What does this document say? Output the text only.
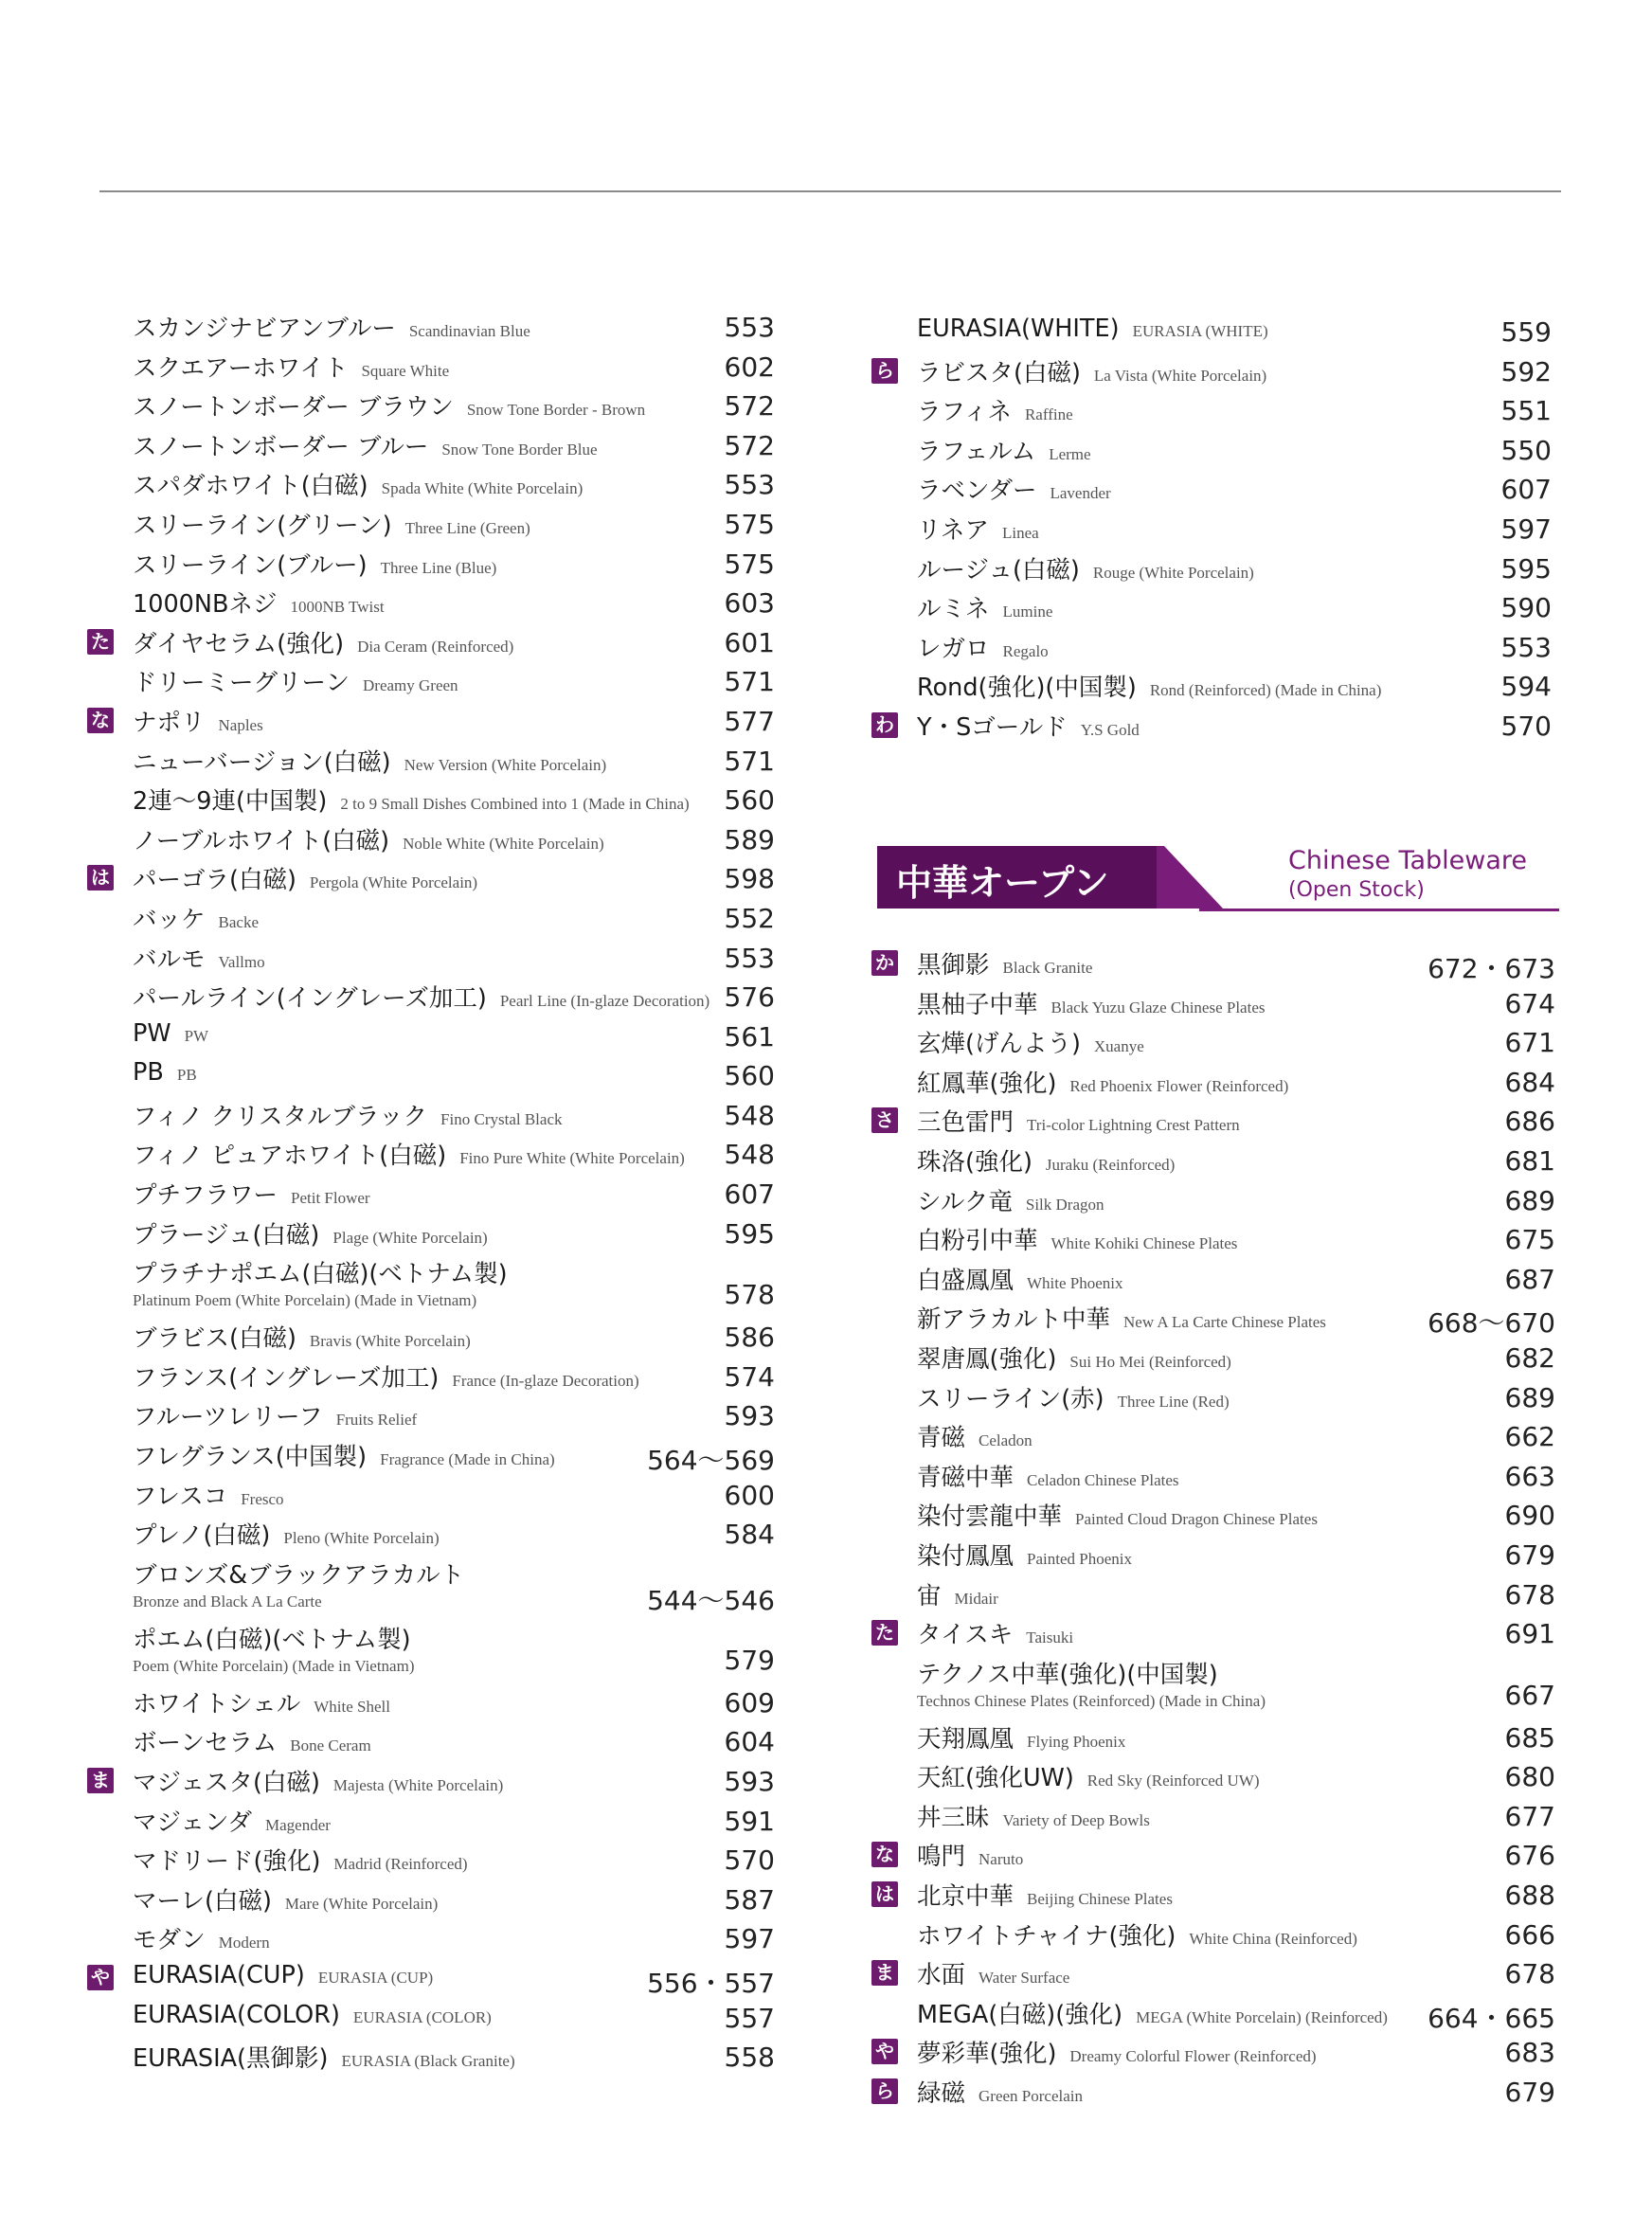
スカンジナビアンブルー Scandinavian Blue	553
スクエアーホワイト Square White	602
スノートンボーダー ブラウン Snow Tone Border - Brown	572
スノートンボーダー ブルー Snow Tone Border Blue	572
スパダホワイト(白磁) Spada White (White Porcelain)	553
スリーライン(グリーン) Three Line (Green)	575
スリーライン(ブルー) Three Line (Blue)	575
1000NBネジ 1000NB Twist	603
た ダイヤセラム(強化) Dia Ceram (Reinforced)	601
ドリーミーグリーン Dreamy Green	571
な ナポリ Naples	577
ニューバージョン(白磁) New Version (White Porcelain)	571
2連〜9連(中国製) 2 to 9 Small Dishes Combined into 1 (Made in China) 560
ノーブルホワイト(白磁) Noble White (White Porcelain)	589
は パーゴラ(白磁) Pergola (White Porcelain)	598
バッケ Backe	552
バルモ Vallmo	553
パールライン(イングレーズ加工) Pearl Line (In-glaze Decoration) 576
PW PW	561
PB PB	560
フィノ クリスタルブラック Fino Crystal Black	548
フィノ ピュアホワイト(白磁) Fino Pure White (White Porcelain) 548
プチフラワー Petit Flower	607
プラージュ(白磁) Plage (White Porcelain)	595
プラチナポエム(白磁)(ベトナム製)
Platinum Poem (White Porcelain) (Made in Vietnam)	578
ブラビス(白磁) Bravis (White Porcelain)	586
フランス(イングレーズ加工) France (In-glaze Decoration)	574
フルーツレリーフ Fruits Relief	593
フレグランス(中国製) Fragrance (Made in China)	564〜569
フレスコ Fresco	600
プレノ(白磁) Pleno (White Porcelain)	584
ブロンズ&ブラックアラカルト
Bronze and Black A La Carte	544〜546
ポエム(白磁)(ベトナム製)
Poem (White Porcelain) (Made in Vietnam)	579
ホワイトシェル White Shell	609
ボーンセラム Bone Ceram	604
ま マジェスタ(白磁) Majesta (White Porcelain)	593
マジェンダ Magender	591
マドリード(強化) Madrid (Reinforced)	570
マーレ(白磁) Mare (White Porcelain)	587
モダン Modern	597
や EURASIA(CUP) EURASIA (CUP)	556・557
EURASIA(COLOR) EURASIA (COLOR)	557
EURASIA(黒御影) EURASIA (Black Granite)	558
EURASIA(WHITE) EURASIA (WHITE)	559
ら ラビスタ(白磁) La Vista (White Porcelain)	592
ラフィネ Raffine	551
ラフェルム Lerme	550
ラベンダー Lavender	607
リネア Linea	597
ルージュ(白磁) Rouge (White Porcelain)	595
ルミネ Lumine	590
レガロ Regalo	553
Rond(強化)(中国製) Rond (Reinforced) (Made in China)	594
わ Y・Sゴールド Y.S Gold	570
中華オープン
Chinese Tableware
(Open Stock)
か 黒御影 Black Granite	672・673
黒柚子中華 Black Yuzu Glaze Chinese Plates	674
玄燁(げんよう) Xuanye	671
紅鳳華(強化) Red Phoenix Flower (Reinforced)	684
さ 三色雷門 Tri-color Lightning Crest Pattern	686
珠洛(強化) Juraku (Reinforced)	681
シルク竜 Silk Dragon	689
白粉引中華 White Kohiki Chinese Plates	675
白盛鳳凰 White Phoenix	687
新アラカルト中華 New A La Carte Chinese Plates	668〜670
翠唐鳳(強化) Sui Ho Mei (Reinforced)	682
スリーライン(赤) Three Line (Red)	689
青磁 Celadon	662
青磁中華 Celadon Chinese Plates	663
染付雲龍中華 Painted Cloud Dragon Chinese Plates	690
染付鳳凰 Painted Phoenix	679
宙 Midair	678
た タイスキ Taisuki	691
テクノス中華(強化)(中国製)
Technos Chinese Plates (Reinforced) (Made in China)	667
天翔鳳凰 Flying Phoenix	685
天紅(強化UW) Red Sky (Reinforced UW)	680
丼三昧 Variety of Deep Bowls	677
な 鳴門 Naruto	676
は 北京中華 Beijing Chinese Plates	688
ホワイトチャイナ(強化) White China (Reinforced)	666
ま 水面 Water Surface	678
MEGA(白磁)(強化) MEGA (White Porcelain) (Reinforced) 664・665
や 夢彩華(強化) Dreamy Colorful Flower (Reinforced)	683
ら 緑磁 Green Porcelain	679
